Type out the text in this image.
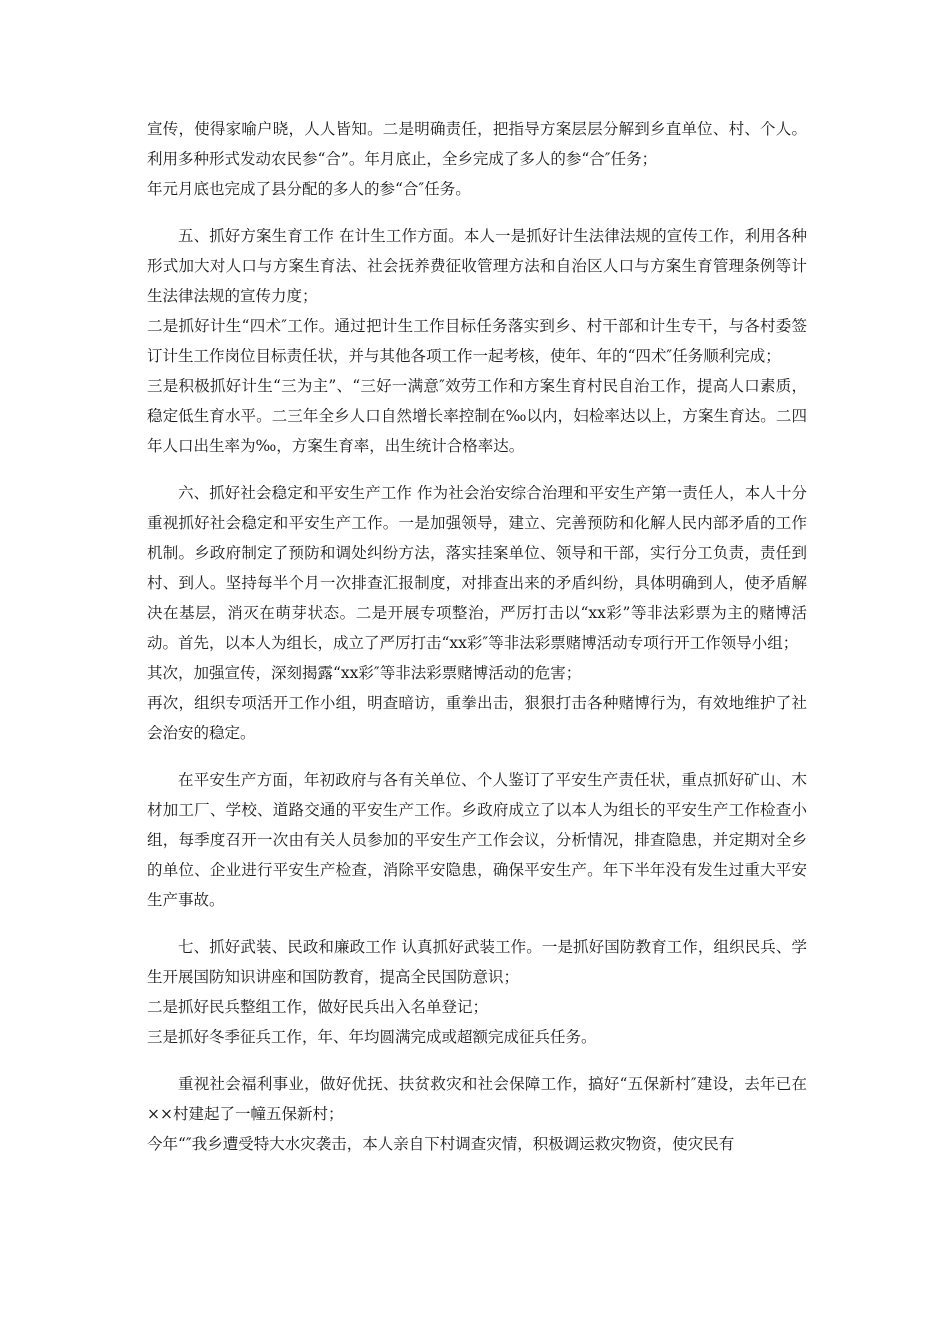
宣传，使得家喻户晓，人人皆知。二是明确责任，把指导方案层层分解到乡直单位、村、个人。利用多种形式发动农民参“合”。年月底止，全乡完成了多人的参“合″任务；

年元月底也完成了县分配的多人的参“合″任务。

五、抓好方案生育工作 在计生工作方面。本人一是抓好计生法律法规的宣传工作，利用各种形式加大对人口与方案生育法、社会抚养费征收管理方法和自治区人口与方案生育管理条例等计生法律法规的宣传力度；

二是抓好计生“四术″工作。通过把计生工作目标任务落实到乡、村干部和计生专干，与各村委签订计生工作岗位目标责任状，并与其他各项工作一起考核，使年、年的“四术″任务顺利完成；

三是积极抓好计生“三为主”、“三好一满意″效劳工作和方案生育村民自治工作，提高人口素质，稳定低生育水平。二三年全乡人口自然增长率控制在‰以内，妇检率达以上，方案生育达。二四年人口出生率为‰，方案生育率，出生统计合格率达。

六、抓好社会稳定和平安生产工作 作为社会治安综合治理和平安生产第一责任人，本人十分重视抓好社会稳定和平安生产工作。一是加强领导，建立、完善预防和化解人民内部矛盾的工作机制。乡政府制定了预防和调处纠纷方法，落实挂案单位、领导和干部，实行分工负责，责任到村、到人。坚持每半个月一次排查汇报制度，对排查出来的矛盾纠纷，具体明确到人，使矛盾解决在基层，消灭在萌芽状态。二是开展专项整治，严厉打击以“xx彩”等非法彩票为主的赌博活动。首先，以本人为组长，成立了严厉打击“xx彩″等非法彩票赌博活动专项行开工作领导小组；

其次，加强宣传，深刻揭露“xx彩″等非法彩票赌博活动的危害；

再次，组织专项活开工作小组，明查暗访，重拳出击，狠狠打击各种赌博行为，有效地维护了社会治安的稳定。

在平安生产方面，年初政府与各有关单位、个人鉴订了平安生产责任状，重点抓好矿山、木材加工厂、学校、道路交通的平安生产工作。乡政府成立了以本人为组长的平安生产工作检查小组，每季度召开一次由有关人员参加的平安生产工作会议，分析情况，排查隐患，并定期对全乡的单位、企业进行平安生产检查，消除平安隐患，确保平安生产。年下半年没有发生过重大平安生产事故。

七、抓好武装、民政和廉政工作 认真抓好武装工作。一是抓好国防教育工作，组织民兵、学生开展国防知识讲座和国防教育，提高全民国防意识；

二是抓好民兵整组工作，做好民兵出入名单登记；

三是抓好冬季征兵工作，年、年均圆满完成或超额完成征兵任务。

重视社会福利事业，做好优抚、扶贫救灾和社会保障工作，搞好“五保新村″建设，去年已在××村建起了一幢五保新村；

今年“″我乡遭受特大水灾袭击，本人亲自下村调查灾情，积极调运救灾物资，使灾民有
